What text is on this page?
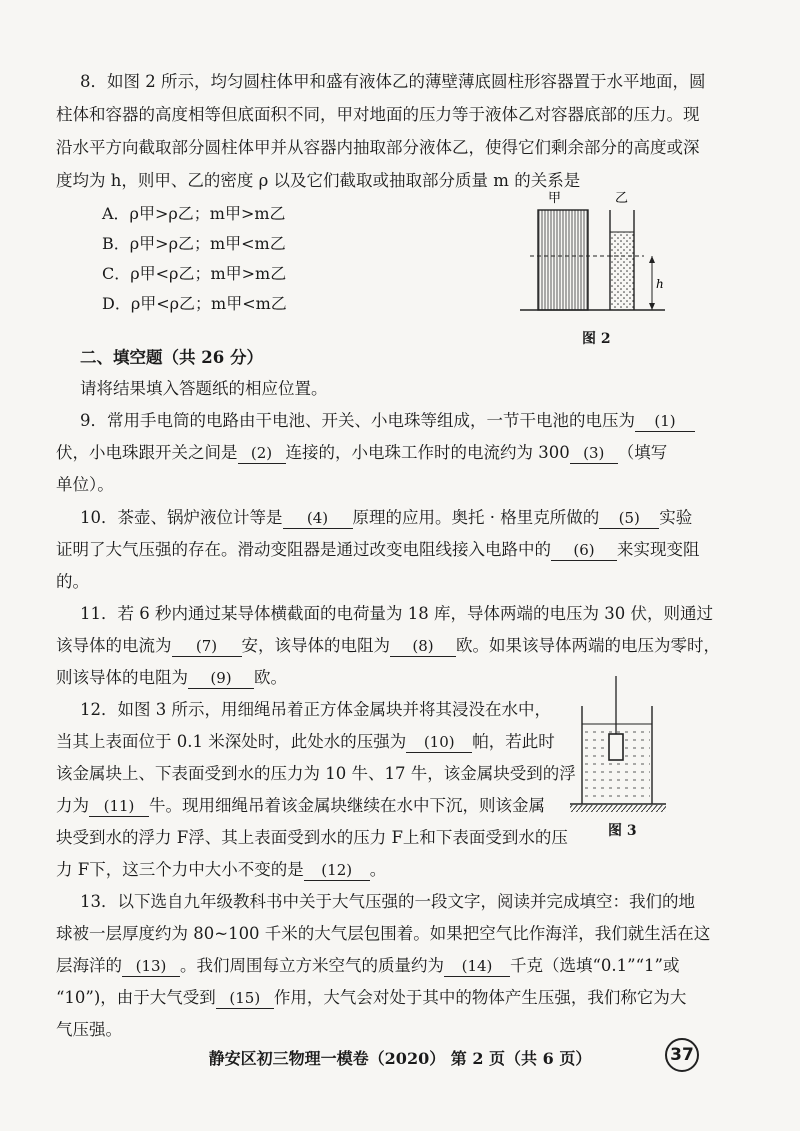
8．如图 2 所示，均匀圆柱体甲和盛有液体乙的薄壁薄底圆柱形容器置于水平地面，圆
柱体和容器的高度相等但底面积不同，甲对地面的压力等于液体乙对容器底部的压力。现
沿水平方向截取部分圆柱体甲并从容器内抽取部分液体乙，使得它们剩余部分的高度或深
度均为 h，则甲、乙的密度 ρ 以及它们截取或抽取部分质量 m 的关系是
A．ρ甲>ρ乙；m甲>m乙
B．ρ甲>ρ乙；m甲<m乙
C．ρ甲<ρ乙；m甲>m乙
D．ρ甲<ρ乙；m甲<m乙
甲	乙
h
图 2
二、填空题（共 26 分）
请将结果填入答题纸的相应位置。
9．常用手电筒的电路由干电池、开关、小电珠等组成，一节干电池的电压为 (1)
伏，小电珠跟开关之间是 (2) 连接的，小电珠工作时的电流约为 300 (3) （填写
单位）。
10．茶壶、锅炉液位计等是 (4) 原理的应用。奥托 · 格里克所做的 (5) 实验
证明了大气压强的存在。滑动变阻器是通过改变电阻线接入电路中的 (6) 来实现变阻
的。
11．若 6 秒内通过某导体横截面的电荷量为 18 库，导体两端的电压为 30 伏，则通过
该导体的电流为 (7) 安，该导体的电阻为 (8) 欧。如果该导体两端的电压为零时，
则该导体的电阻为 (9) 欧。
12．如图 3 所示，用细绳吊着正方体金属块并将其浸没在水中，
当其上表面位于 0.1 米深处时，此处水的压强为 (10) 帕，若此时
该金属块上、下表面受到水的压力为 10 牛、17 牛，该金属块受到的浮
力为 (11) 牛。现用细绳吊着该金属块继续在水中下沉，则该金属
块受到水的浮力 F浮、其上表面受到水的压力 F上和下表面受到水的压
力 F下，这三个力中大小不变的是 (12) 。
图 3
13．以下选自九年级教科书中关于大气压强的一段文字，阅读并完成填空：我们的地
球被一层厚度约为 80~100 千米的大气层包围着。如果把空气比作海洋，我们就生活在这
层海洋的 (13) 。我们周围每立方米空气的质量约为 (14) 千克（选填“0.1”“1”或
“10”)，由于大气受到 (15) 作用，大气会对处于其中的物体产生压强，我们称它为大
气压强。
静安区初三物理一模卷（2020） 第 2 页（共 6 页）	37
